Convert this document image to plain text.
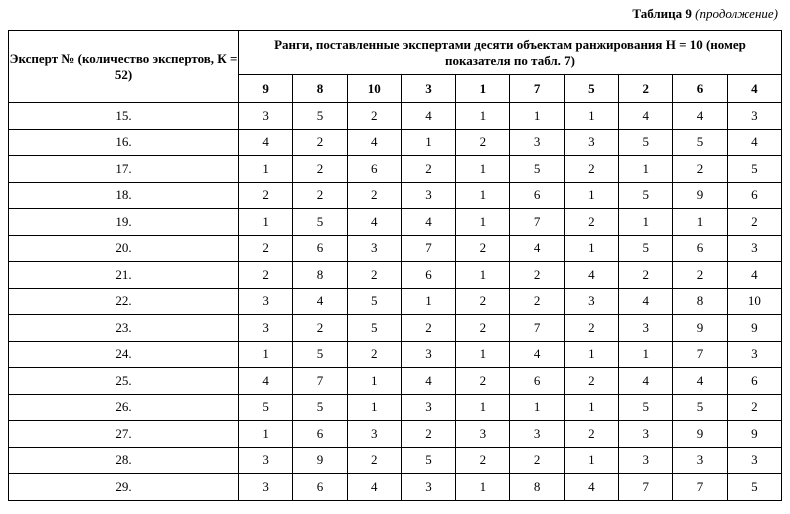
Таблица 9 (продолжение)
Эксперт № (количество экспертов, К = 52)	Ранги, поставленные экспертами десяти объектам ранжирования Н = 10 (номер показателя по табл. 7)									
	9	8	10	3	1	7	5	2	6	4
15.	3	5	2	4	1	1	1	4	4	3
16.	4	2	4	1	2	3	3	5	5	4
17.	1	2	6	2	1	5	2	1	2	5
18.	2	2	2	3	1	6	1	5	9	6
19.	1	5	4	4	1	7	2	1	1	2
20.	2	6	3	7	2	4	1	5	6	3
21.	2	8	2	6	1	2	4	2	2	4
22.	3	4	5	1	2	2	3	4	8	10
23.	3	2	5	2	2	7	2	3	9	9
24.	1	5	2	3	1	4	1	1	7	3
25.	4	7	1	4	2	6	2	4	4	6
26.	5	5	1	3	1	1	1	5	5	2
27.	1	6	3	2	3	3	2	3	9	9
28.	3	9	2	5	2	2	1	3	3	3
29.	3	6	4	3	1	8	4	7	7	5
